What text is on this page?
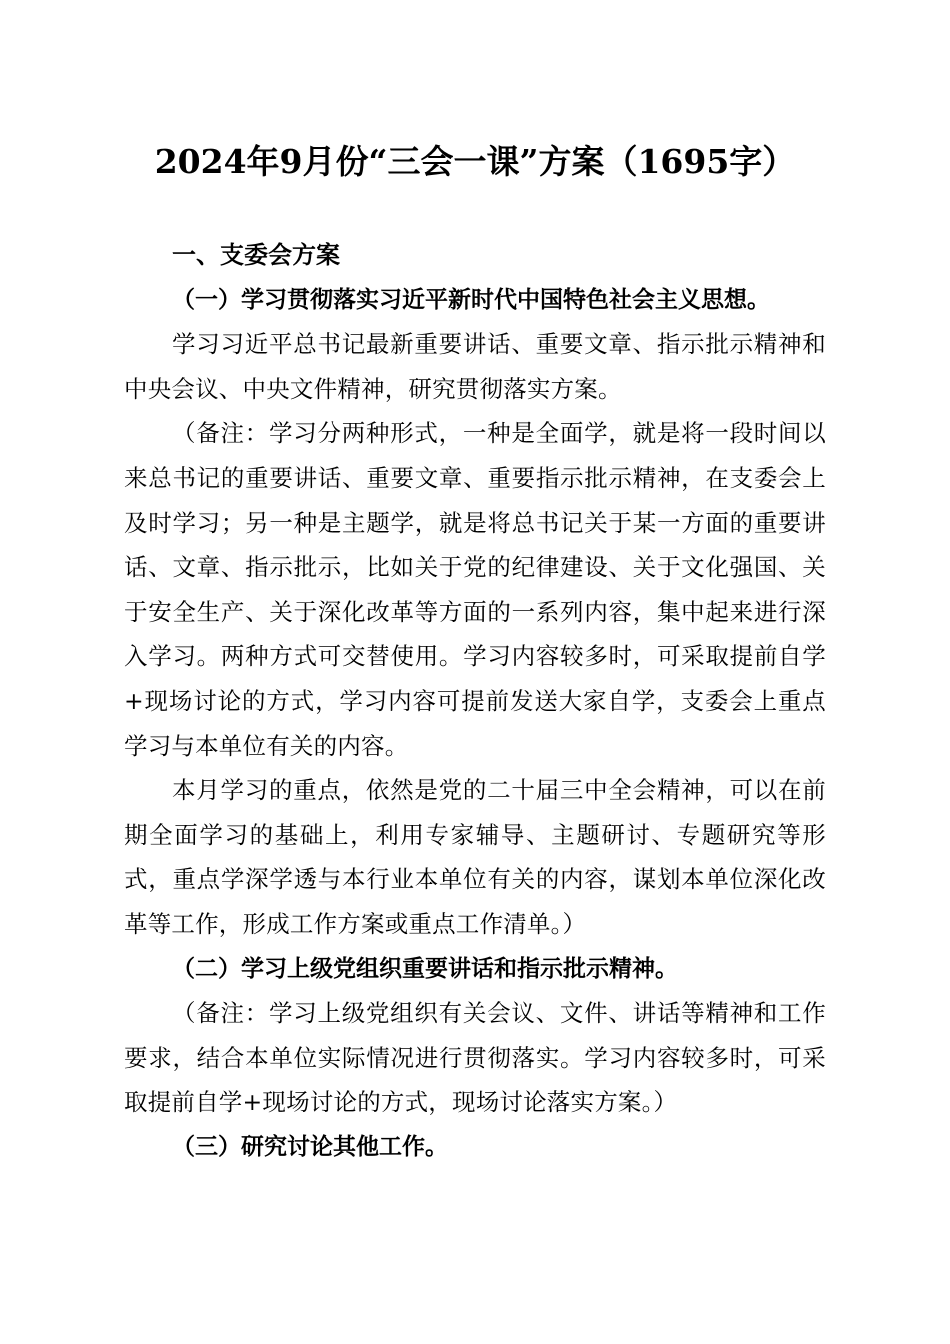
2024年9月份“三会一课”方案（1695字）
一、支委会方案
（一）学习贯彻落实习近平新时代中国特色社会主义思想。
学习习近平总书记最新重要讲话、重要文章、指示批示精神和中央会议、中央文件精神，研究贯彻落实方案。
（备注：学习分两种形式，一种是全面学，就是将一段时间以来总书记的重要讲话、重要文章、重要指示批示精神，在支委会上及时学习；另一种是主题学，就是将总书记关于某一方面的重要讲话、文章、指示批示，比如关于党的纪律建设、关于文化强国、关于安全生产、关于深化改革等方面的一系列内容，集中起来进行深入学习。两种方式可交替使用。学习内容较多时，可采取提前自学+现场讨论的方式，学习内容可提前发送大家自学，支委会上重点学习与本单位有关的内容。
本月学习的重点，依然是党的二十届三中全会精神，可以在前期全面学习的基础上，利用专家辅导、主题研讨、专题研究等形式，重点学深学透与本行业本单位有关的内容，谋划本单位深化改革等工作，形成工作方案或重点工作清单。）
（二）学习上级党组织重要讲话和指示批示精神。
（备注：学习上级党组织有关会议、文件、讲话等精神和工作要求，结合本单位实际情况进行贯彻落实。学习内容较多时，可采取提前自学+现场讨论的方式，现场讨论落实方案。）
（三）研究讨论其他工作。
